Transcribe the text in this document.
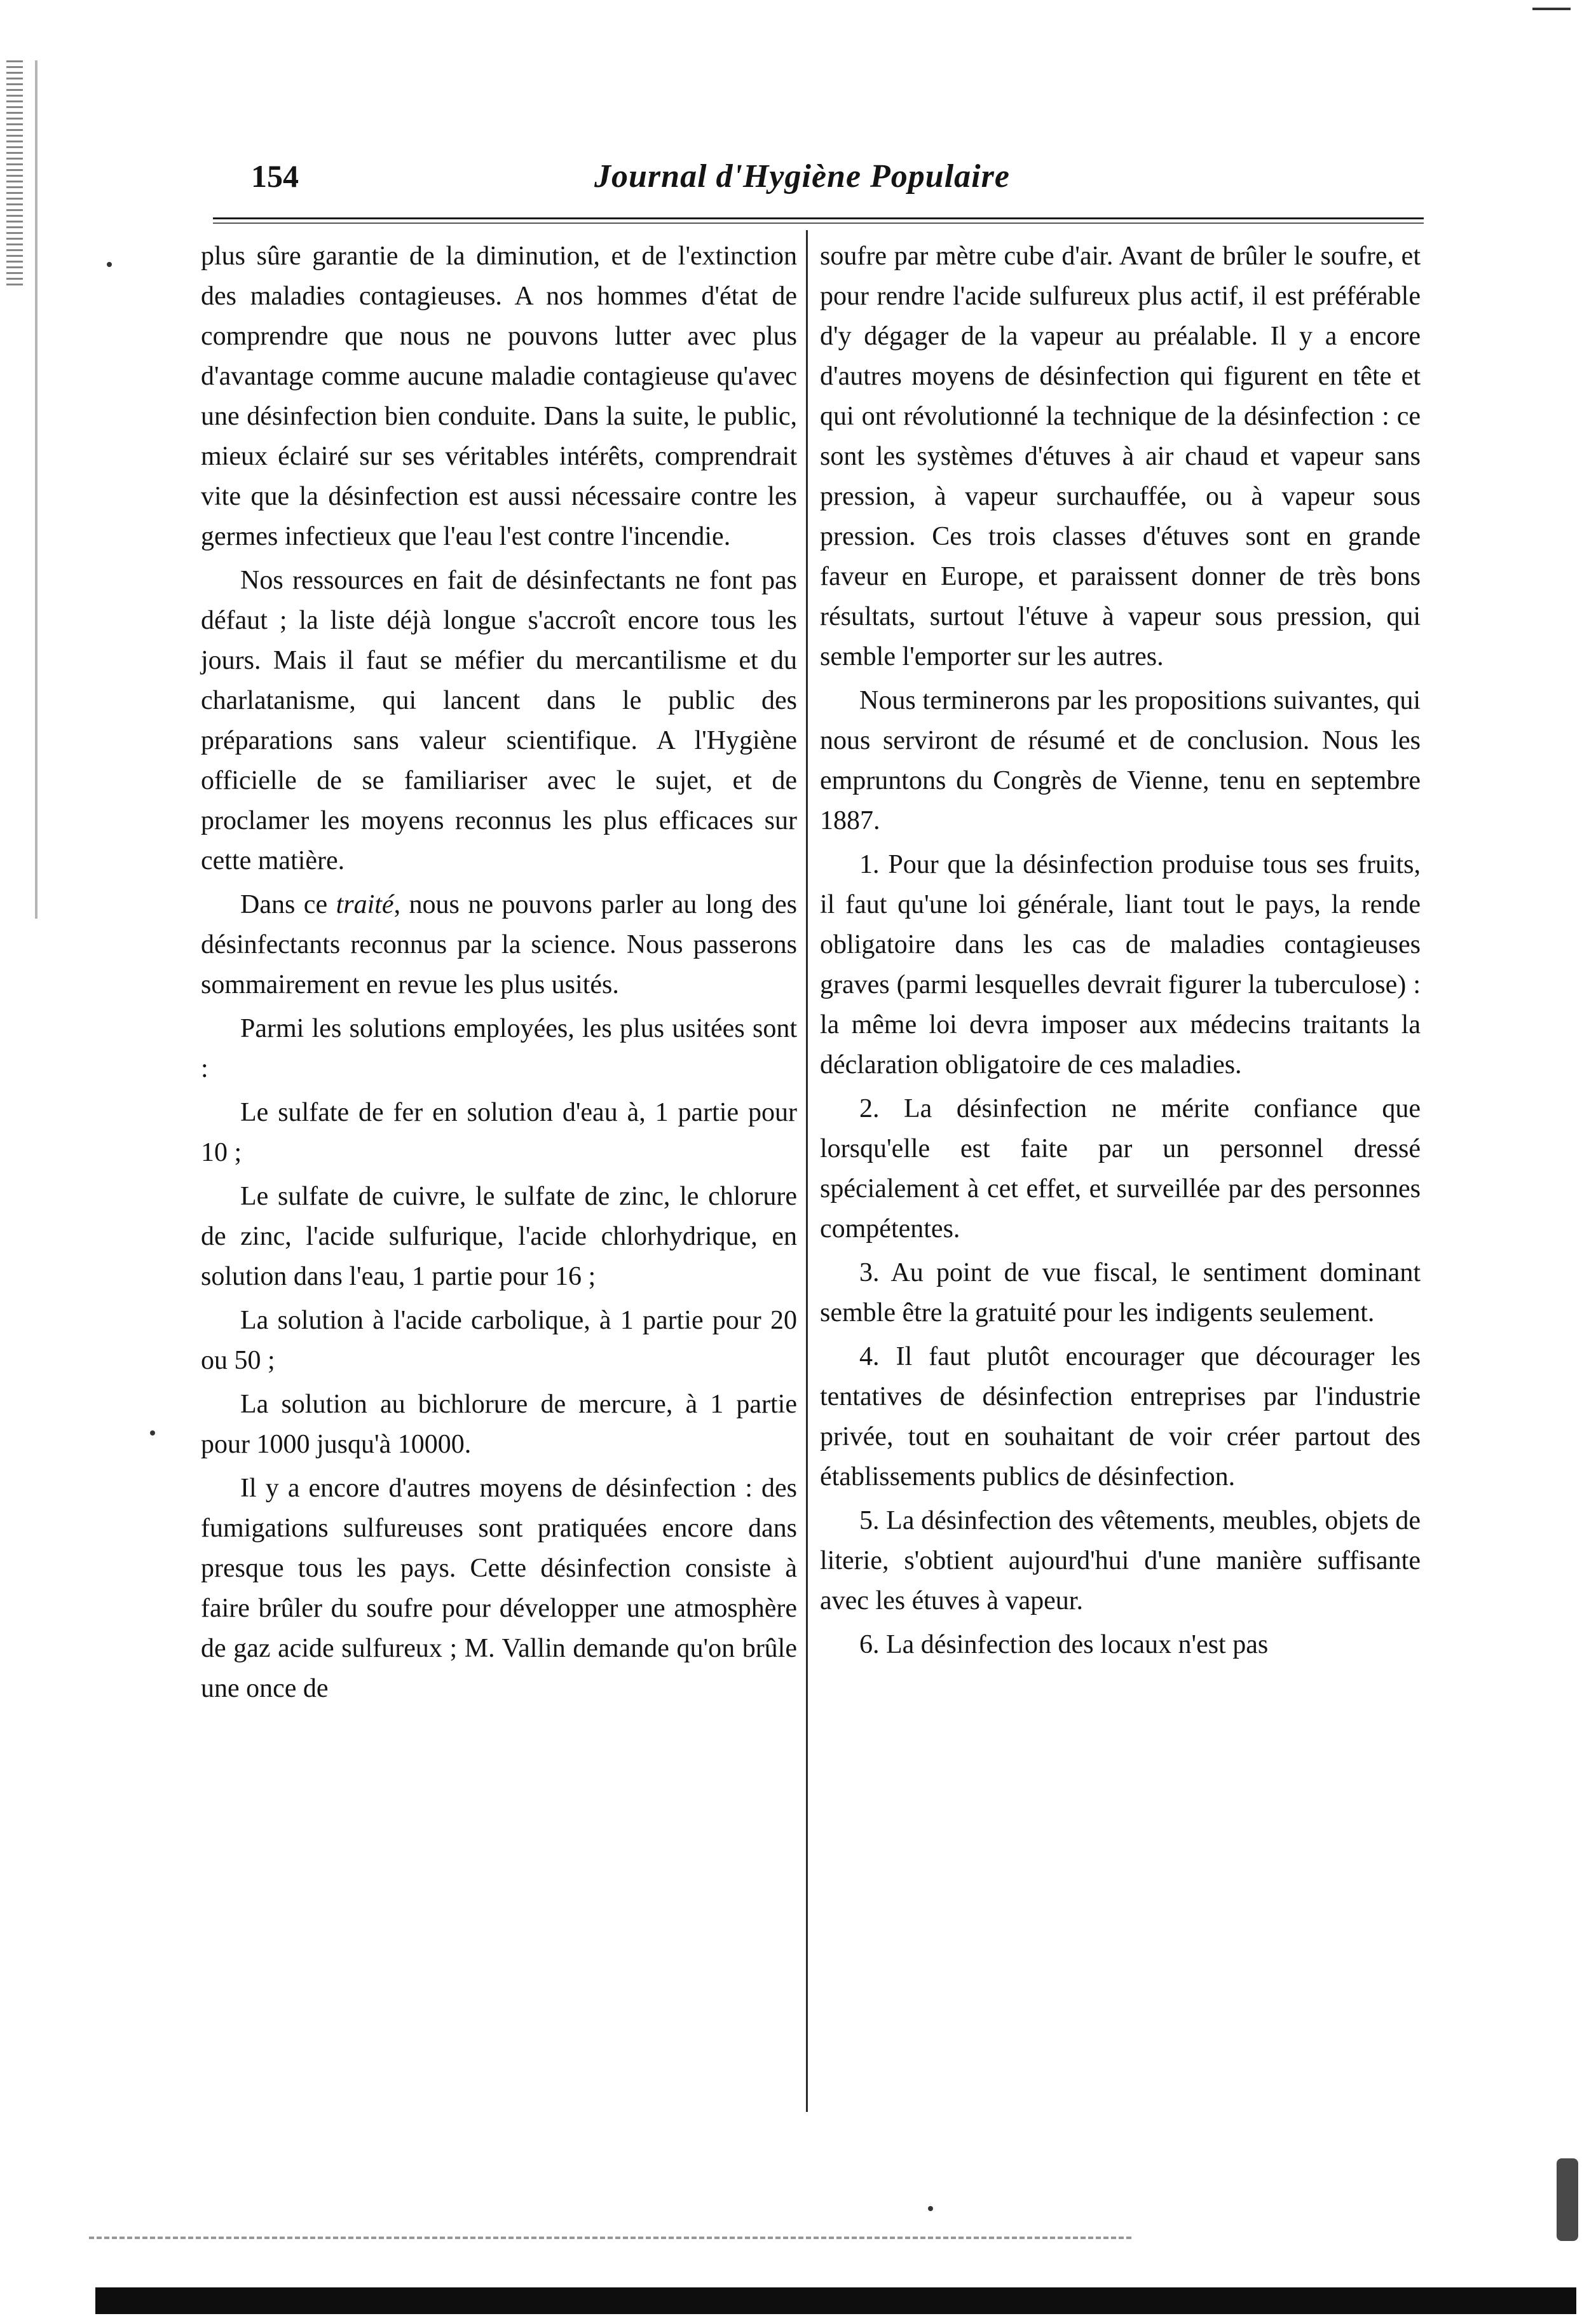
154	Journal d'Hygiène Populaire

plus sûre garantie de la diminution, et de l'extinction des maladies contagieuses. A nos hommes d'état de comprendre que nous ne pouvons lutter avec plus d'avantage comme aucune maladie contagieuse qu'avec une désinfection bien conduite. Dans la suite, le public, mieux éclairé sur ses véritables intérêts, comprendrait vite que la désinfection est aussi nécessaire contre les germes infectieux que l'eau l'est contre l'incendie.

Nos ressources en fait de désinfectants ne font pas défaut ; la liste déjà longue s'accroît encore tous les jours. Mais il faut se méfier du mercantilisme et du charlatanisme, qui lancent dans le public des préparations sans valeur scientifique. A l'Hygiène officielle de se familiariser avec le sujet, et de proclamer les moyens reconnus les plus efficaces sur cette matière.

Dans ce traité, nous ne pouvons parler au long des désinfectants reconnus par la science. Nous passerons sommairement en revue les plus usités.

Parmi les solutions employées, les plus usitées sont :

Le sulfate de fer en solution d'eau à, 1 partie pour 10 ;

Le sulfate de cuivre, le sulfate de zinc, le chlorure de zinc, l'acide sulfurique, l'acide chlorhydrique, en solution dans l'eau, 1 partie pour 16 ;

La solution à l'acide carbolique, à 1 partie pour 20 ou 50 ;

La solution au bichlorure de mercure, à 1 partie pour 1000 jusqu'à 10000.

Il y a encore d'autres moyens de désinfection : des fumigations sulfureuses sont pratiquées encore dans presque tous les pays. Cette désinfection consiste à faire brûler du soufre pour développer une atmosphère de gaz acide sulfureux ; M. Vallin demande qu'on brûle une once de

soufre par mètre cube d'air. Avant de brûler le soufre, et pour rendre l'acide sulfureux plus actif, il est préférable d'y dégager de la vapeur au préalable. Il y a encore d'autres moyens de désinfection qui figurent en tête et qui ont révolutionné la technique de la désinfection : ce sont les systèmes d'étuves à air chaud et vapeur sans pression, à vapeur surchauffée, ou à vapeur sous pression. Ces trois classes d'étuves sont en grande faveur en Europe, et paraissent donner de très bons résultats, surtout l'étuve à vapeur sous pression, qui semble l'emporter sur les autres.

Nous terminerons par les propositions suivantes, qui nous serviront de résumé et de conclusion. Nous les empruntons du Congrès de Vienne, tenu en septembre 1887.

1. Pour que la désinfection produise tous ses fruits, il faut qu'une loi générale, liant tout le pays, la rende obligatoire dans les cas de maladies contagieuses graves (parmi lesquelles devrait figurer la tuberculose) : la même loi devra imposer aux médecins traitants la déclaration obligatoire de ces maladies.

2. La désinfection ne mérite confiance que lorsqu'elle est faite par un personnel dressé spécialement à cet effet, et surveillée par des personnes compétentes.

3. Au point de vue fiscal, le sentiment dominant semble être la gratuité pour les indigents seulement.

4. Il faut plutôt encourager que décourager les tentatives de désinfection entreprises par l'industrie privée, tout en souhaitant de voir créer partout des établissements publics de désinfection.

5. La désinfection des vêtements, meubles, objets de literie, s'obtient aujourd'hui d'une manière suffisante avec les étuves à vapeur.

6. La désinfection des locaux n'est pas
